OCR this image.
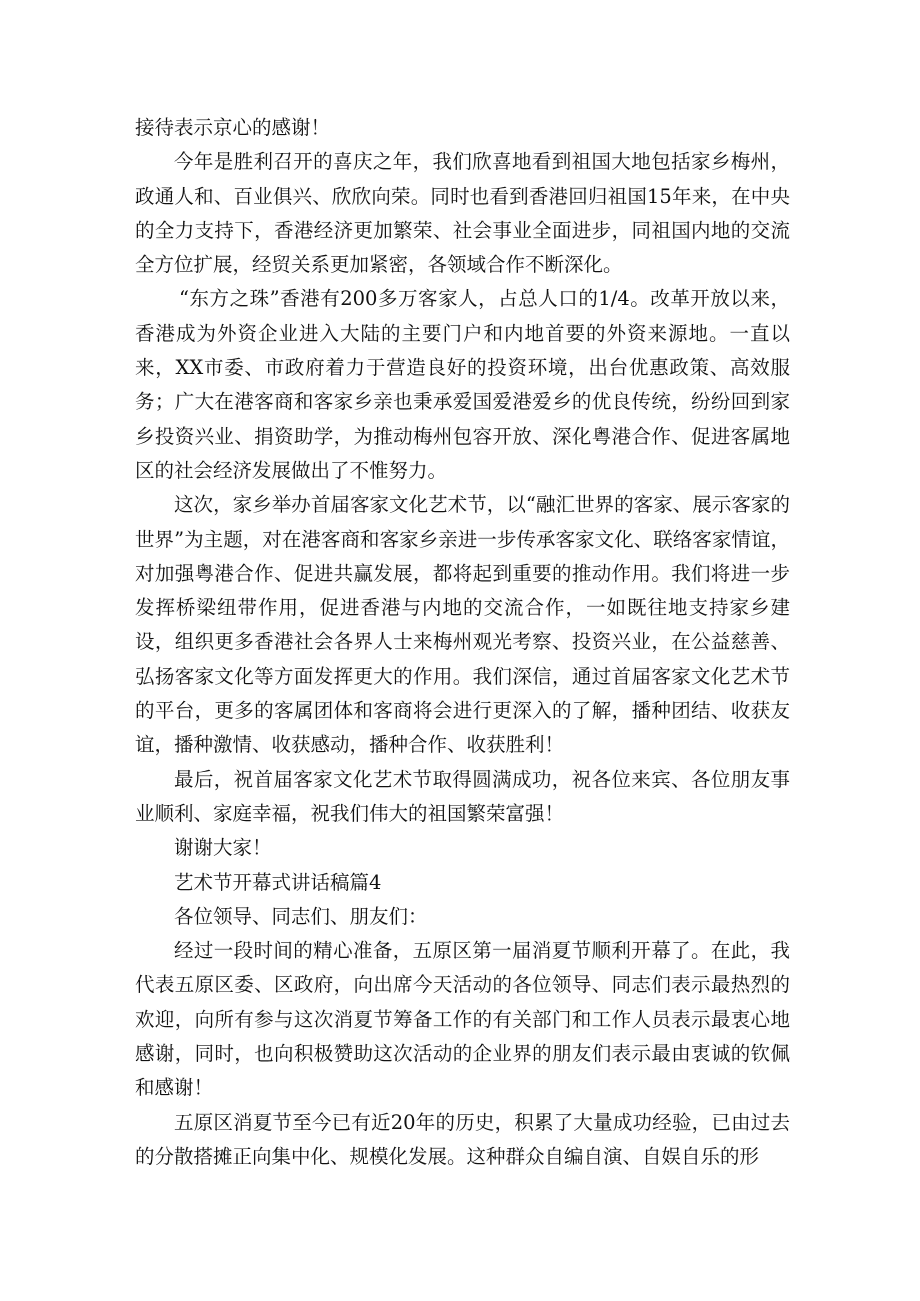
接待表示京心的感谢！

今年是胜利召开的喜庆之年，我们欣喜地看到祖国大地包括家乡梅州，政通人和、百业俱兴、欣欣向荣。同时也看到香港回归祖国15年来，在中央的全力支持下，香港经济更加繁荣、社会事业全面进步，同祖国内地的交流全方位扩展，经贸关系更加紧密，各领域合作不断深化。

“东方之珠”香港有200多万客家人，占总人口的1/4。改革开放以来，香港成为外资企业进入大陆的主要门户和内地首要的外资来源地。一直以来，XX市委、市政府着力于营造良好的投资环境，出台优惠政策、高效服务；广大在港客商和客家乡亲也秉承爱国爱港爱乡的优良传统，纷纷回到家乡投资兴业、捐资助学，为推动梅州包容开放、深化粤港合作、促进客属地区的社会经济发展做出了不惟努力。

这次，家乡举办首届客家文化艺术节，以“融汇世界的客家、展示客家的世界”为主题，对在港客商和客家乡亲进一步传承客家文化、联络客家情谊，对加强粤港合作、促进共赢发展，都将起到重要的推动作用。我们将进一步发挥桥梁纽带作用，促进香港与内地的交流合作，一如既往地支持家乡建设，组织更多香港社会各界人士来梅州观光考察、投资兴业，在公益慈善、弘扬客家文化等方面发挥更大的作用。我们深信，通过首届客家文化艺术节的平台，更多的客属团体和客商将会进行更深入的了解，播种团结、收获友谊，播种激情、收获感动，播种合作、收获胜利！

最后，祝首届客家文化艺术节取得圆满成功，祝各位来宾、各位朋友事业顺利、家庭幸福，祝我们伟大的祖国繁荣富强！

谢谢大家！

艺术节开幕式讲话稿篇4

各位领导、同志们、朋友们：

经过一段时间的精心准备，五原区第一届消夏节顺利开幕了。在此，我代表五原区委、区政府，向出席今天活动的各位领导、同志们表示最热烈的欢迎，向所有参与这次消夏节筹备工作的有关部门和工作人员表示最衷心地感谢，同时，也向积极赞助这次活动的企业界的朋友们表示最由衷诚的钦佩和感谢！

五原区消夏节至今已有近20年的历史，积累了大量成功经验，已由过去的分散搭摊正向集中化、规模化发展。这种群众自编自演、自娱自乐的形
